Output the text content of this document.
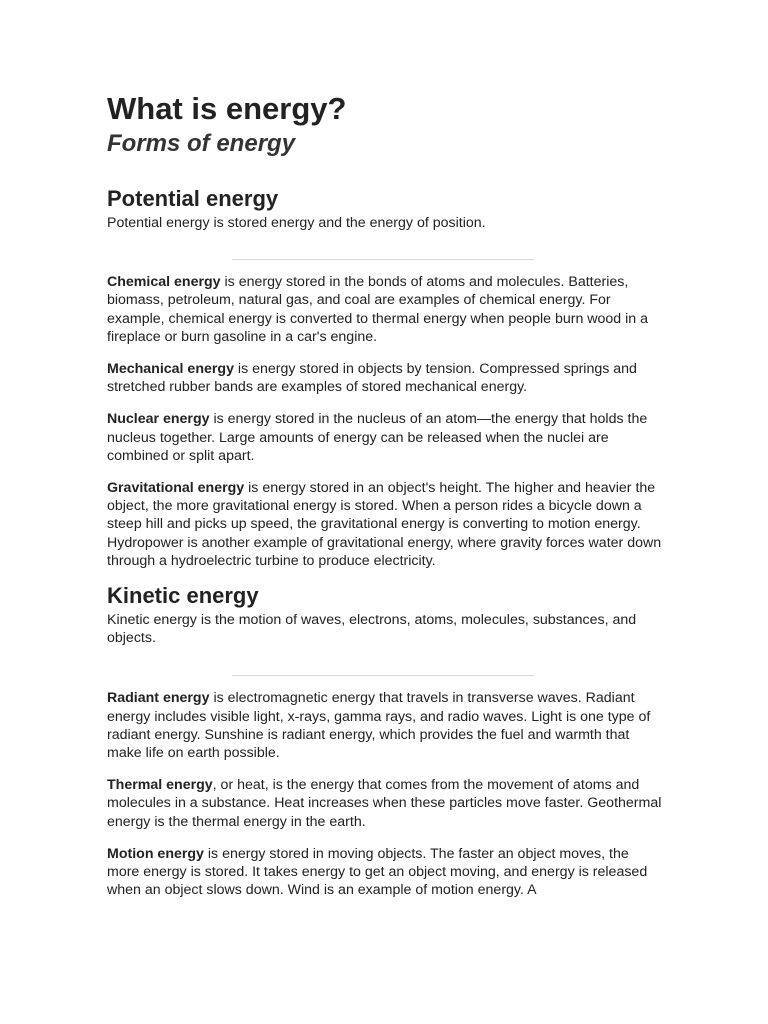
What is energy?
Forms of energy
Potential energy

Potential energy is stored energy and the energy of position.

Chemical energy is energy stored in the bonds of atoms and molecules. Batteries, biomass, petroleum, natural gas, and coal are examples of chemical energy. For example, chemical energy is converted to thermal energy when people burn wood in a fireplace or burn gasoline in a car's engine.

Mechanical energy is energy stored in objects by tension. Compressed springs and stretched rubber bands are examples of stored mechanical energy.

Nuclear energy is energy stored in the nucleus of an atom—the energy that holds the nucleus together. Large amounts of energy can be released when the nuclei are combined or split apart.

Gravitational energy is energy stored in an object's height. The higher and heavier the object, the more gravitational energy is stored. When a person rides a bicycle down a steep hill and picks up speed, the gravitational energy is converting to motion energy. Hydropower is another example of gravitational energy, where gravity forces water down through a hydroelectric turbine to produce electricity.

Kinetic energy

Kinetic energy is the motion of waves, electrons, atoms, molecules, substances, and objects.

Radiant energy is electromagnetic energy that travels in transverse waves. Radiant energy includes visible light, x-rays, gamma rays, and radio waves. Light is one type of radiant energy. Sunshine is radiant energy, which provides the fuel and warmth that make life on earth possible.

Thermal energy, or heat, is the energy that comes from the movement of atoms and molecules in a substance. Heat increases when these particles move faster. Geothermal energy is the thermal energy in the earth.

Motion energy is energy stored in moving objects. The faster an object moves, the more energy is stored. It takes energy to get an object moving, and energy is released when an object slows down. Wind is an example of motion energy. A
